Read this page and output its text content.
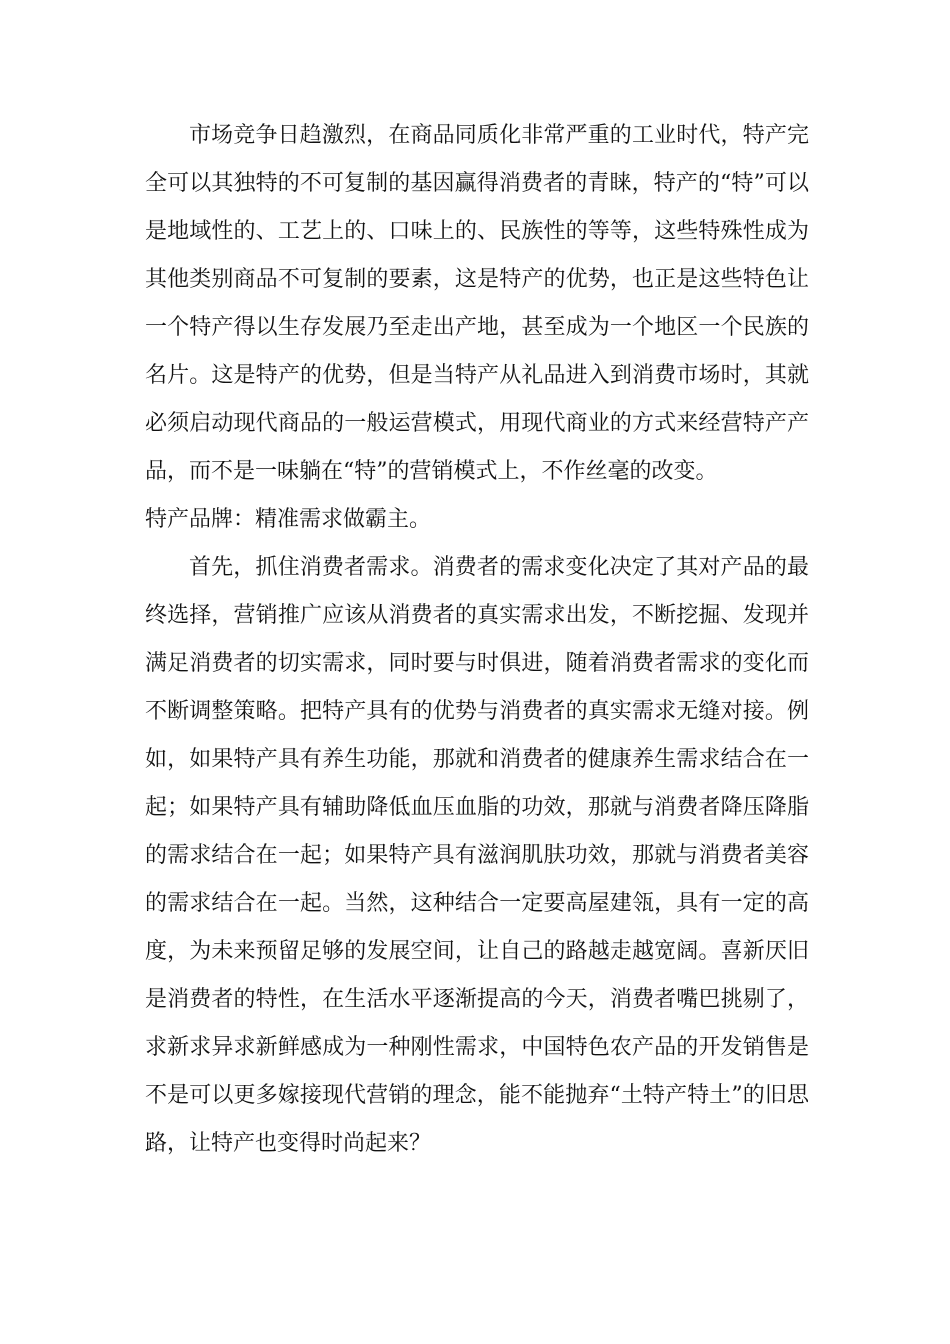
市场竞争日趋激烈，在商品同质化非常严重的工业时代，特产完全可以其独特的不可复制的基因赢得消费者的青睐，特产的“特”可以是地域性的、工艺上的、口味上的、民族性的等等，这些特殊性成为其他类别商品不可复制的要素，这是特产的优势，也正是这些特色让一个特产得以生存发展乃至走出产地，甚至成为一个地区一个民族的名片。这是特产的优势，但是当特产从礼品进入到消费市场时，其就必须启动现代商品的一般运营模式，用现代商业的方式来经营特产产品，而不是一味躺在“特”的营销模式上，不作丝毫的改变。

特产品牌：精准需求做霸主。

首先，抓住消费者需求。消费者的需求变化决定了其对产品的最终选择，营销推广应该从消费者的真实需求出发，不断挖掘、发现并满足消费者的切实需求，同时要与时俱进，随着消费者需求的变化而不断调整策略。把特产具有的优势与消费者的真实需求无缝对接。例如，如果特产具有养生功能，那就和消费者的健康养生需求结合在一起；如果特产具有辅助降低血压血脂的功效，那就与消费者降压降脂的需求结合在一起；如果特产具有滋润肌肤功效，那就与消费者美容的需求结合在一起。当然，这种结合一定要高屋建瓴，具有一定的高度，为未来预留足够的发展空间，让自己的路越走越宽阔。喜新厌旧是消费者的特性，在生活水平逐渐提高的今天，消费者嘴巴挑剔了，求新求异求新鲜感成为一种刚性需求，中国特色农产品的开发销售是不是可以更多嫁接现代营销的理念，能不能抛弃“土特产特土”的旧思路，让特产也变得时尚起来？
